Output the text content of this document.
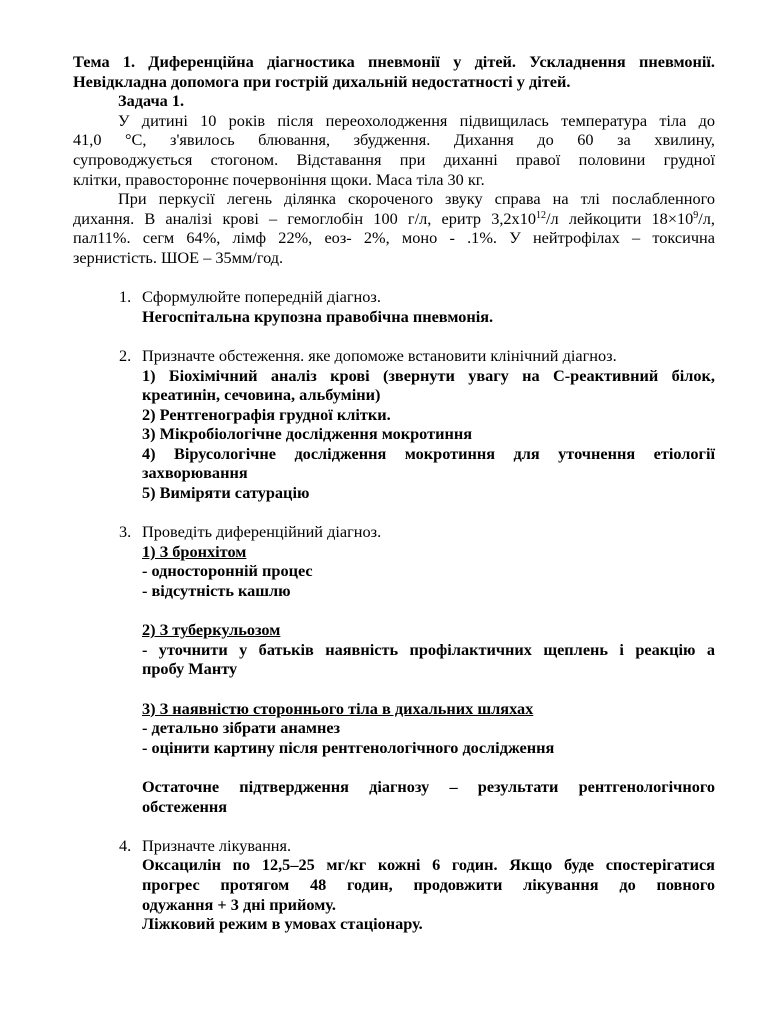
Тема 1. Диференційна діагностика пневмонії у дітей. Ускладнення пневмонії.
Невідкладна допомога при гострій дихальній недостатності у дітей.
Задача 1.
У дитині 10 років після переохолодження підвищилась температура тіла до
41,0 °С, з'явилось блювання, збудження. Дихання до 60 за хвилину,
супроводжується стогоном. Відставання при диханні правої половини грудної
клітки, правостороннє почервоніння щоки. Маса тіла 30 кг.
При перкусії легень ділянка скороченого звуку справа на тлі послабленного
дихання. В аналізі крові – гемоглобін 100 г/л, еритр $3,2х10^{12}/л$ лейкоцити $18\times 10^9/л$,
пал11%. сегм 64%, лімф 22%, еоз- 2%, моно - .1%. У нейтрофілах – токсична
зернистість. ШОЕ – 35мм/год.
1. Сформулюйте попередній діагноз.
Негоспітальна крупозна правобічна пневмонія.
2. Призначте обстеження. яке допоможе встановити клінічний діагноз.
1) Біохімічний аналіз крові (звернути увагу на С-реактивний білок,
креатинін, сечовина, альбуміни)
2) Рентгенографія грудної клітки.
3) Мікробіологічне дослідження мокротиння
4) Вірусологічне дослідження мокротиння для уточнення етіології
захворювання
5) Виміряти сатурацію
3. Проведіть диференційний діагноз.
1) З бронхітом
- односторонній процес
- відсутність кашлю
2) З туберкульозом
- уточнити у батьків наявність профілактичних щеплень і реакцію а
пробу Манту
3) З наявністю стороннього тіла в дихальних шляхах
- детально зібрати анамнез
- оцінити картину після рентгенологічного дослідження
Остаточне підтвердження діагнозу – результати рентгенологічного
обстеження
4. Призначте лікування.
Оксацилін по 12,5–25 мг/кг кожні 6 годин. Якщо буде спостерігатися
прогрес протягом 48 годин, продовжити лікування до повного
одужання + 3 дні прийому.
Ліжковий режим в умовах стаціонару.
